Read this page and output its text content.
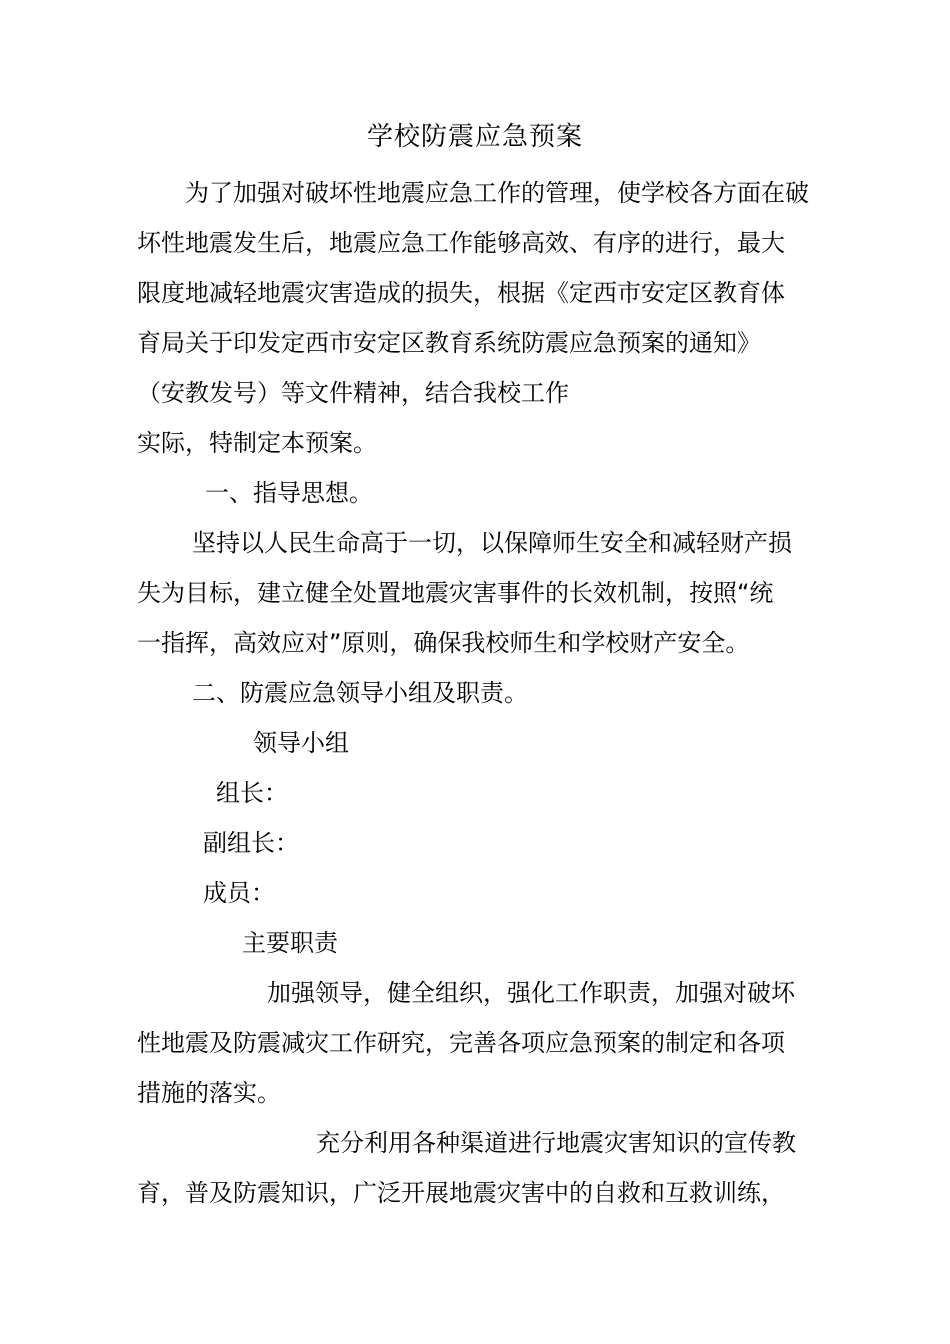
学校防震应急预案

为了加强对破坏性地震应急工作的管理，使学校各方面在破

坏性地震发生后，地震应急工作能够高效、有序的进行，最大

限度地减轻地震灾害造成的损失，根据《定西市安定区教育体

育局关于印发定西市安定区教育系统防震应急预案的通知》

（安教发号）等文件精神，结合我校工作

实际，特制定本预案。

一、指导思想。

坚持以人民生命高于一切，以保障师生安全和减轻财产损

失为目标，建立健全处置地震灾害事件的长效机制，按照“统

一指挥，高效应对”原则，确保我校师生和学校财产安全。

二、防震应急领导小组及职责。

领导小组

组长：

副组长：

成员：

主要职责

加强领导，健全组织，强化工作职责，加强对破坏

性地震及防震减灾工作研究，完善各项应急预案的制定和各项

措施的落实。

充分利用各种渠道进行地震灾害知识的宣传教

育，普及防震知识，广泛开展地震灾害中的自救和互救训练，
